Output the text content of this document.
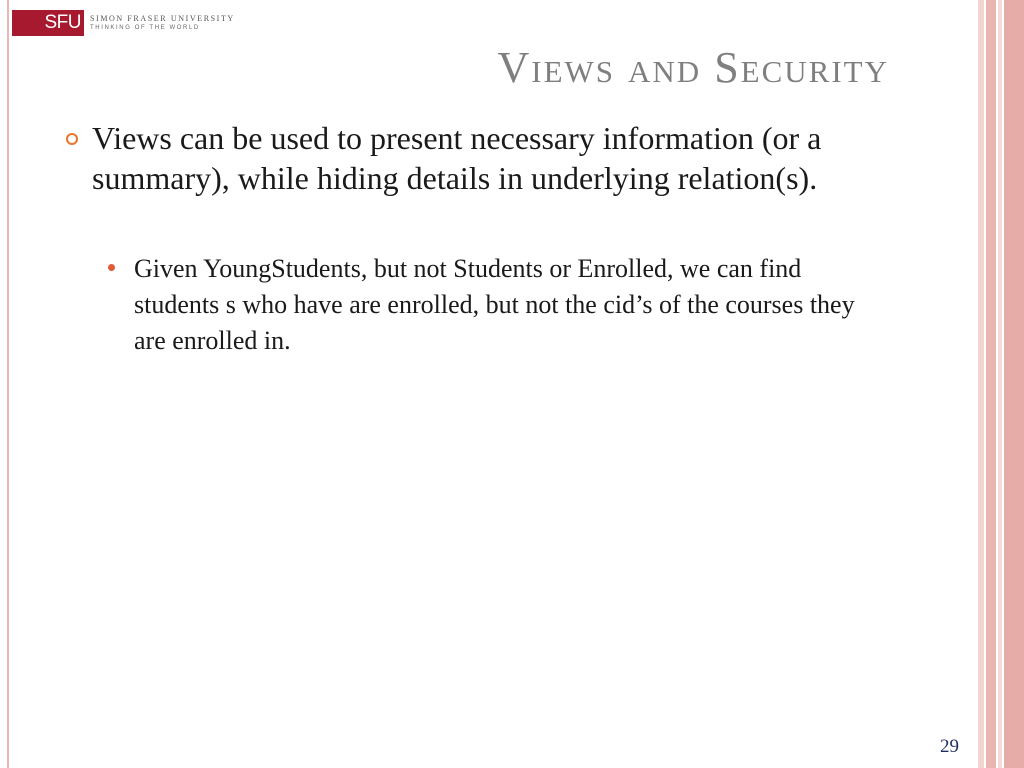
SFU	SIMON FRASER UNIVERSITY
THINKING OF THE WORLD
Views and Security
Views can be used to present necessary information (or a summary), while hiding details in underlying relation(s).
Given YoungStudents, but not Students or Enrolled, we can find students s who have are enrolled, but not the cid’s of the courses they are enrolled in.
29
